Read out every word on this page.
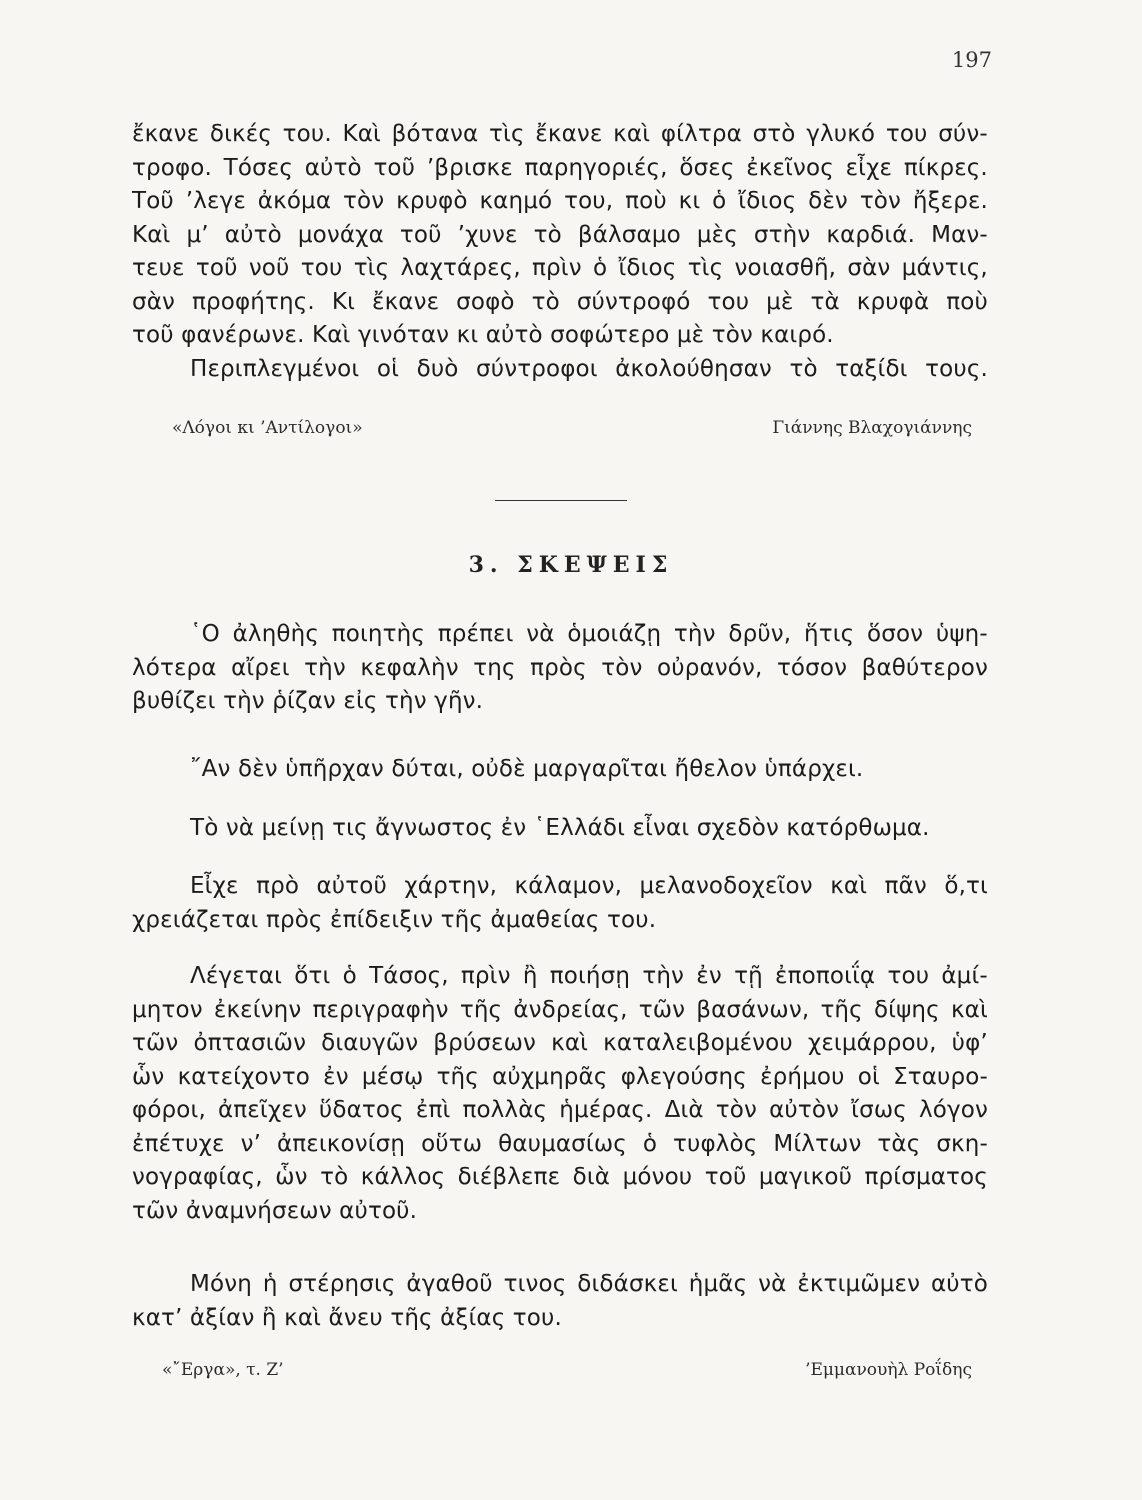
197
ἔκανε δικές του. Καὶ βότανα τὶς ἔκανε καὶ φίλτρα στὸ γλυκό του σύν-
τροφο. Τόσες αὐτὸ τοῦ ’βρισκε παρηγοριές, ὅσες ἐκεῖνος εἶχε πίκρες.
Τοῦ ’λεγε ἀκόμα τὸν κρυφὸ καημό του, ποὺ κι ὁ ἴδιος δὲν τὸν ἤξερε.
Καὶ μ’ αὐτὸ μονάχα τοῦ ’χυνε τὸ βάλσαμο μὲς στὴν καρδιά. Μαν-
τευε τοῦ νοῦ του τὶς λαχτάρες, πρὶν ὁ ἴδιος τὶς νοιασθῆ, σὰν μάντις,
σὰν προφήτης. Κι ἔκανε σοφὸ τὸ σύντροφό του μὲ τὰ κρυφὰ ποὺ
τοῦ φανέρωνε. Καὶ γινόταν κι αὐτὸ σοφώτερο μὲ τὸν καιρό.
Περιπλεγμένοι οἱ δυὸ σύντροφοι ἀκολούθησαν τὸ ταξίδι τους.
«Λόγοι κι ’Αντίλογοι»	Γιάννης Βλαχογιάννης
3. ΣΚΕΨΕΙΣ
῾Ο ἀληθὴς ποιητὴς πρέπει νὰ ὁμοιάζῃ τὴν δρῦν, ἥτις ὅσον ὑψη-
λότερα αἴρει τὴν κεφαλὴν της πρὸς τὸν οὐρανόν, τόσον βαθύτερον
βυθίζει τὴν ῥίζαν εἰς τὴν γῆν.
῎Αν δὲν ὑπῆρχαν δύται, οὐδὲ μαργαρῖται ἤθελον ὑπάρχει.
Τὸ νὰ μείνῃ τις ἄγνωστος ἐν ῾Ελλάδι εἶναι σχεδὸν κατόρθωμα.
Εἶχε πρὸ αὐτοῦ χάρτην, κάλαμον, μελανοδοχεῖον καὶ πᾶν ὅ,τι
χρειάζεται πρὸς ἐπίδειξιν τῆς ἀμαθείας του.
Λέγεται ὅτι ὁ Τάσος, πρὶν ἢ ποιήσῃ τὴν ἐν τῇ ἐποποιΐᾳ του ἀμί-
μητον ἐκείνην περιγραφὴν τῆς ἀνδρείας, τῶν βασάνων, τῆς δίψης καὶ
τῶν ὀπτασιῶν διαυγῶν βρύσεων καὶ καταλειβομένου χειμάρρου, ὑφ’
ὧν κατείχοντο ἐν μέσῳ τῆς αὐχμηρᾶς φλεγούσης ἐρήμου οἱ Σταυρο-
φόροι, ἀπεῖχεν ὕδατος ἐπὶ πολλὰς ἡμέρας. Διὰ τὸν αὐτὸν ἴσως λόγον
ἐπέτυχε ν’ ἀπεικονίσῃ οὕτω θαυμασίως ὁ τυφλὸς Μίλτων τὰς σκη-
νογραφίας, ὧν τὸ κάλλος διέβλεπε διὰ μόνου τοῦ μαγικοῦ πρίσματος
τῶν ἀναμνήσεων αὐτοῦ.
Μόνη ἡ στέρησις ἀγαθοῦ τινος διδάσκει ἡμᾶς νὰ ἐκτιμῶμεν αὐτὸ
κατ’ ἀξίαν ἢ καὶ ἄνευ τῆς ἀξίας του.
«῎Εργα», τ. Ζ’	’Εμμανουὴλ Ροΐδης
